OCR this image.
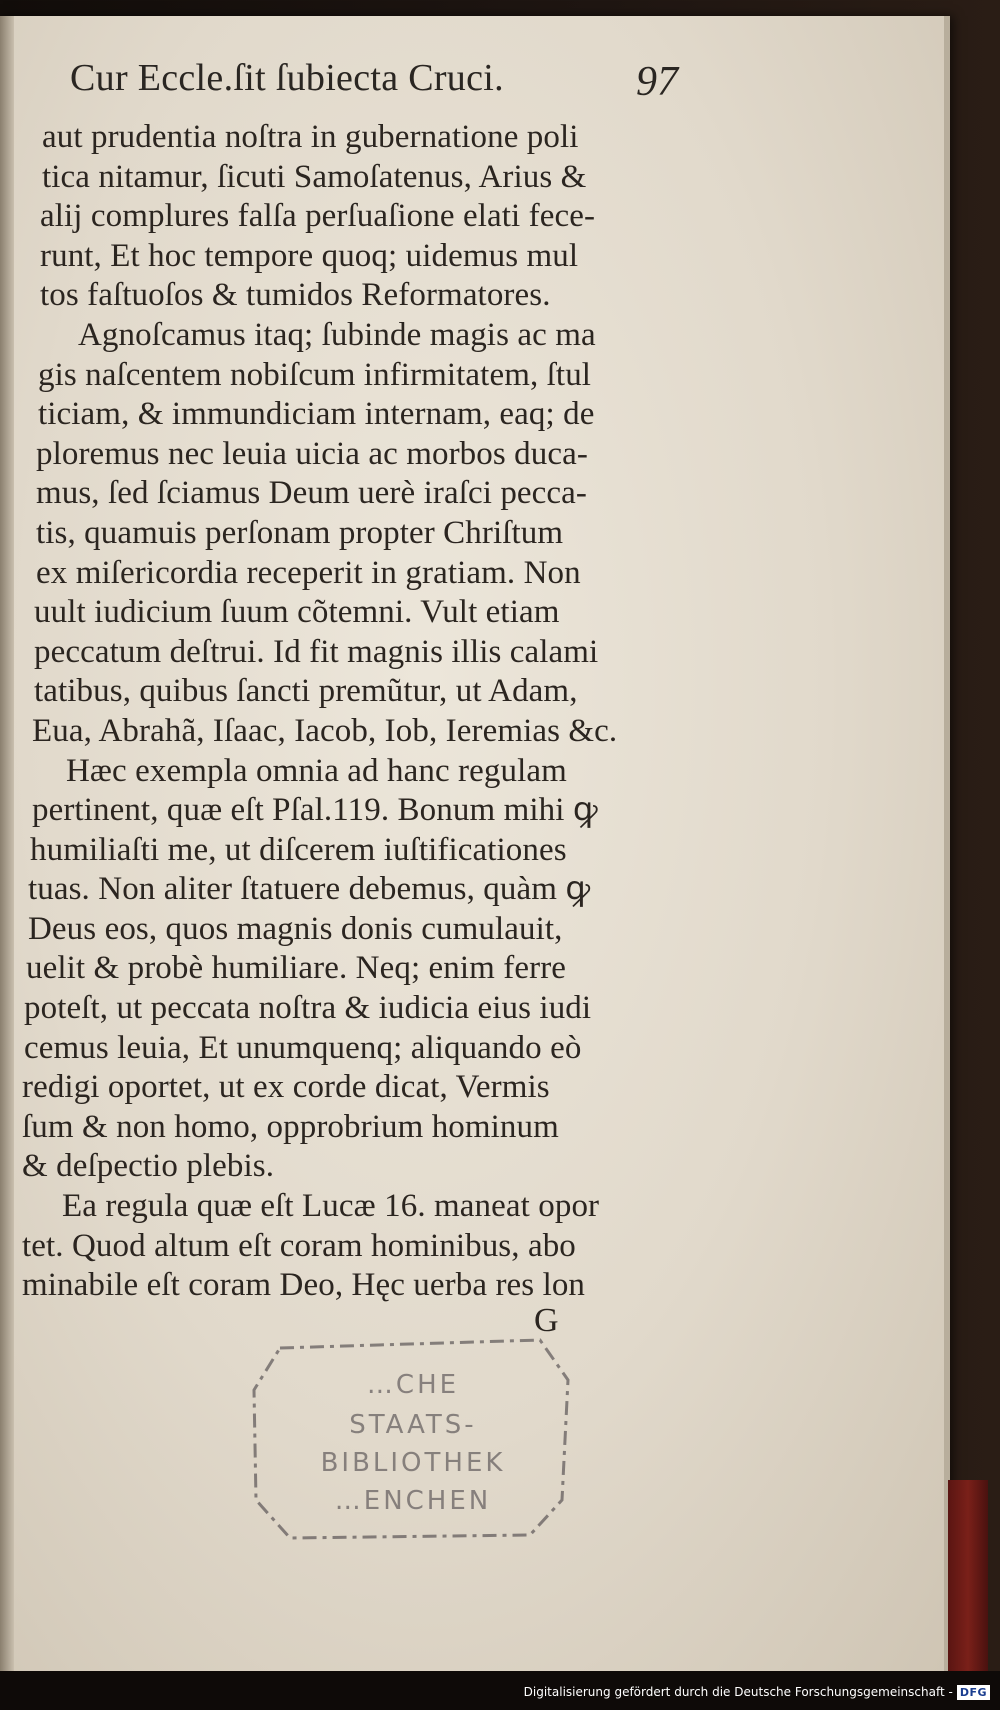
Cur Eccle.ſit ſubiecta Cruci.	97
aut prudentia noſtra in gubernatione poli
tica nitamur, ſicuti Samoſatenus, Arius &
alij complures falſa perſuaſione elati fece-
runt, Et hoc tempore quoq; uidemus mul
tos faſtuoſos & tumidos Reformatores.
Agnoſcamus itaq; ſubinde magis ac ma
gis naſcentem nobiſcum infirmitatem, ſtul
ticiam, & immundiciam internam, eaq; de
ploremus nec leuia uicia ac morbos duca-
mus, ſed ſciamus Deum uerè iraſci pecca-
tis, quamuis perſonam propter Chriſtum
ex miſericordia receperit in gratiam. Non
uult iudicium ſuum cõtemni. Vult etiam
peccatum deſtrui. Id fit magnis illis calami
tatibus, quibus ſancti premũtur, ut Adam,
Eua, Abrahã, Iſaac, Iacob, Iob, Ieremias &c.
Hæc exempla omnia ad hanc regulam
pertinent, quæ eſt Pſal.119. Bonum mihi ꝙ
humiliaſti me, ut diſcerem iuſtificationes
tuas. Non aliter ſtatuere debemus, quàm ꝙ
Deus eos, quos magnis donis cumulauit,
uelit & probè humiliare. Neq; enim ferre
poteſt, ut peccata noſtra & iudicia eius iudi
cemus leuia, Et unumquenq; aliquando eò
redigi oportet, ut ex corde dicat, Vermis
ſum & non homo, opprobrium hominum
& deſpectio plebis.
Ea regula quæ eſt Lucæ 16. maneat opor
tet. Quod altum eſt coram hominibus, abo
minabile eſt coram Deo, Hęc uerba res lon
G
…CHE
STAATS-
BIBLIOTHEK
…ENCHEN
Digitalisierung gefördert durch die Deutsche Forschungsgemeinschaft - DFG
